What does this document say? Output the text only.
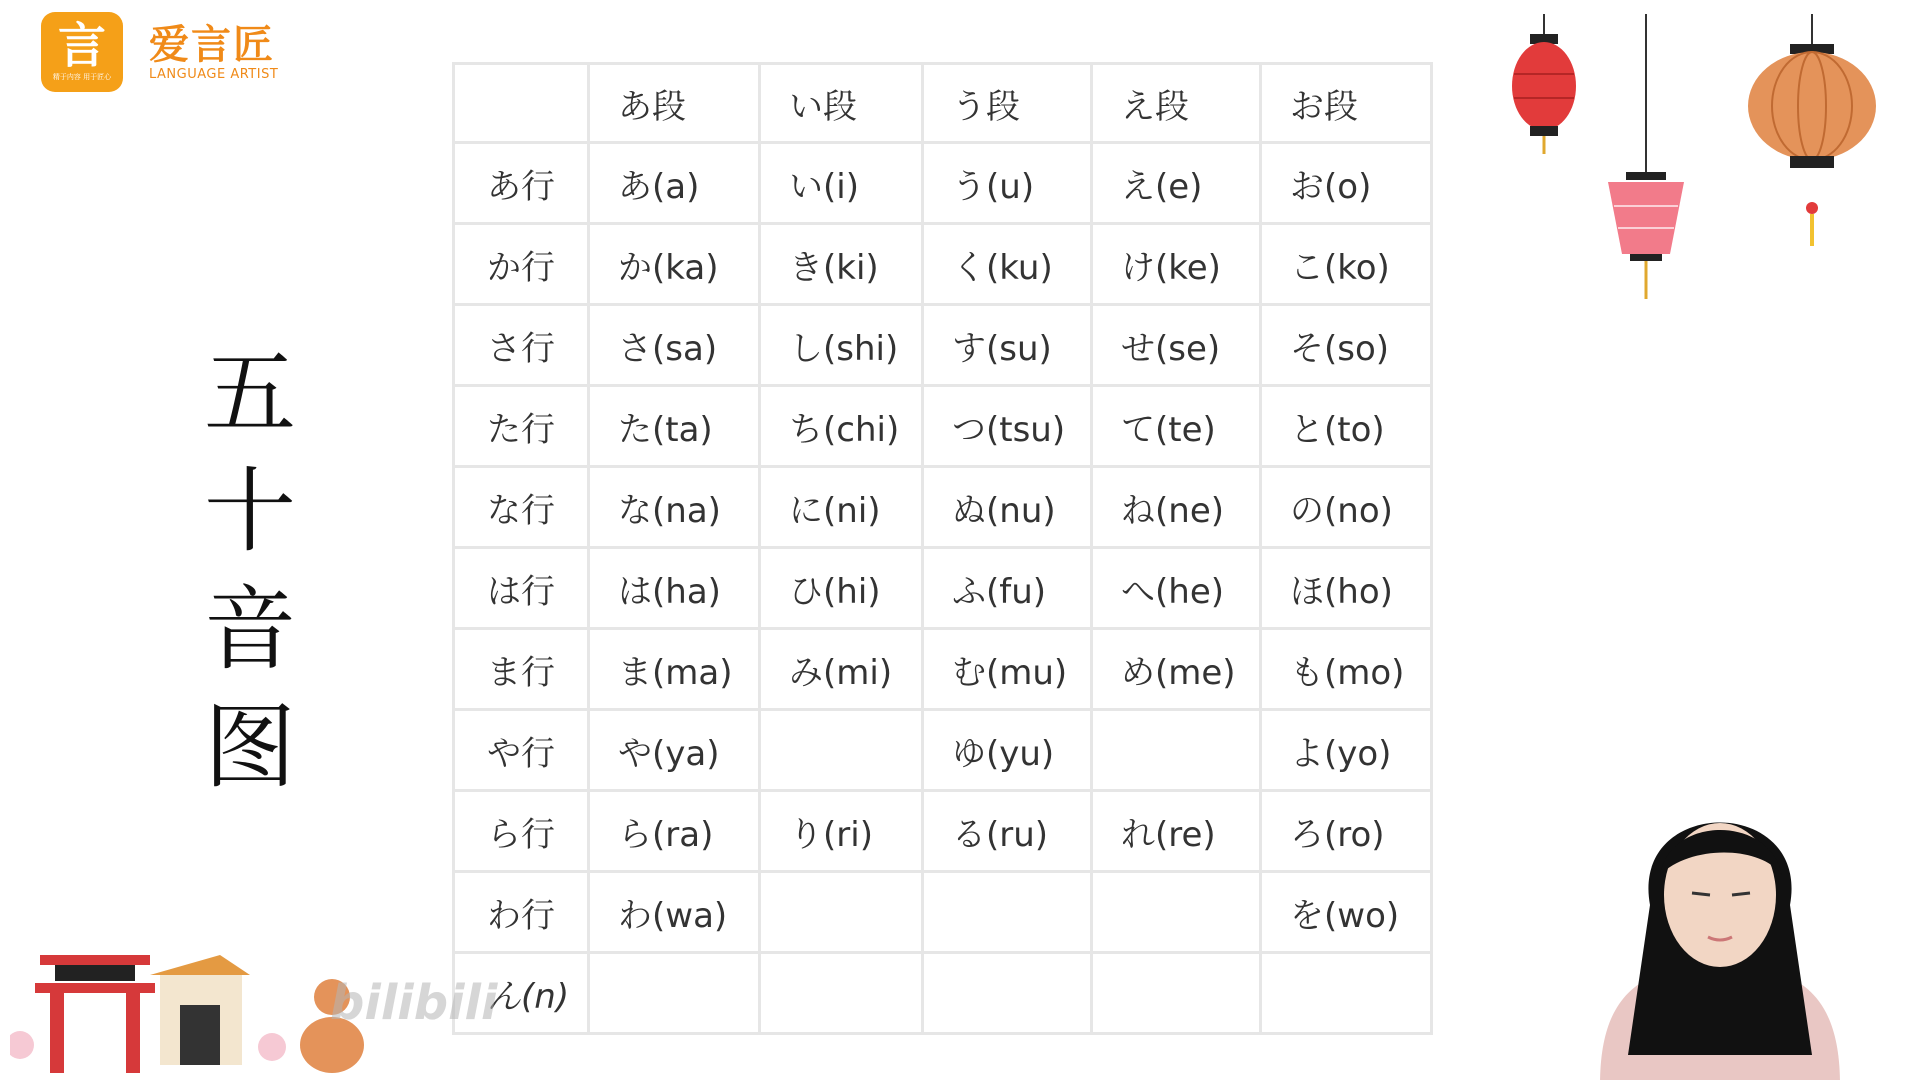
言
精于内容 用于匠心
爱言匠
LANGUAGE ARTIST
五
十
音
图
	あ段	い段	う段	え段	お段
あ行	あ(a)	い(i)	う(u)	え(e)	お(o)
か行	か(ka)	き(ki)	く(ku)	け(ke)	こ(ko)
さ行	さ(sa)	し(shi)	す(su)	せ(se)	そ(so)
た行	た(ta)	ち(chi)	つ(tsu)	て(te)	と(to)
な行	な(na)	に(ni)	ぬ(nu)	ね(ne)	の(no)
は行	は(ha)	ひ(hi)	ふ(fu)	へ(he)	ほ(ho)
ま行	ま(ma)	み(mi)	む(mu)	め(me)	も(mo)
や行	や(ya)		ゆ(yu)		よ(yo)
ら行	ら(ra)	り(ri)	る(ru)	れ(re)	ろ(ro)
わ行	わ(wa)				を(wo)
ん(n)					
bilibili
